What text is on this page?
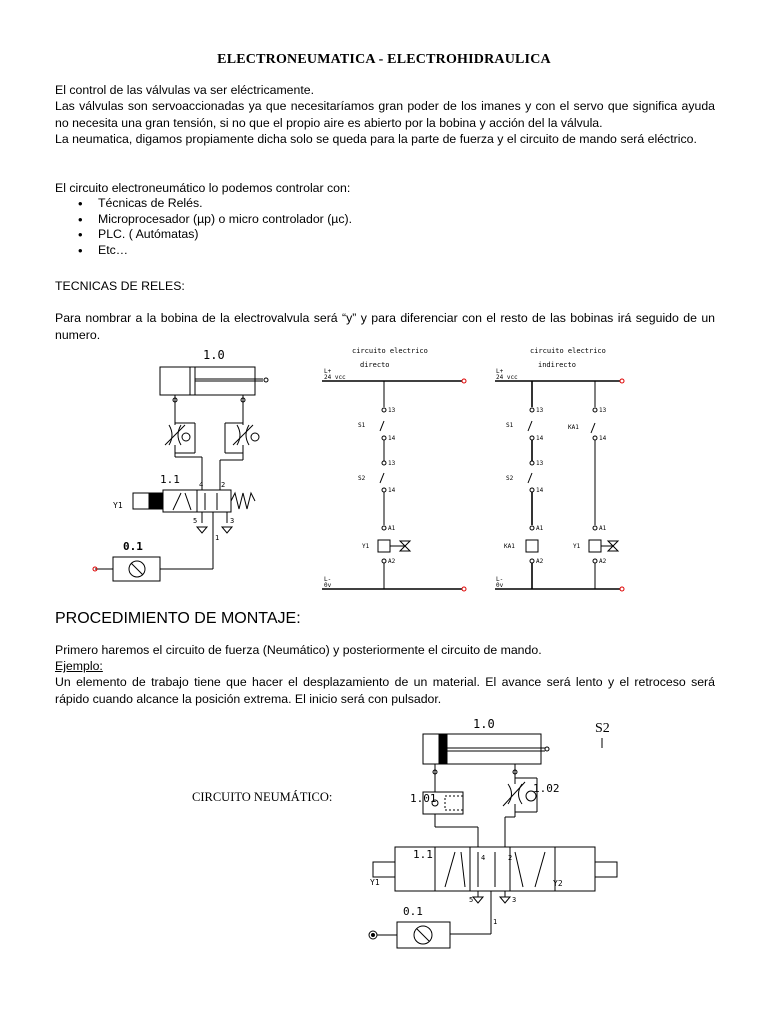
ELECTRONEUMATICA - ELECTROHIDRAULICA
El control de las válvulas va ser eléctricamente.
Las válvulas son servoaccionadas ya que necesitaríamos gran poder de los imanes y con el servo que significa ayuda no necesita una gran tensión, si no que el propio aire es abierto por la bobina y acción del la válvula.
La neumatica, digamos propiamente dicha solo se queda para la parte de fuerza y el circuito de mando será eléctrico.
El circuito electroneumático lo podemos controlar con:
• Técnicas de Relés.
• Microprocesador (µp) o micro controlador (µc).
• PLC. ( Autómatas)
• Etc…
TECNICAS DE RELES:
Para nombrar a la bobina de la electrovalvula será “y” y para diferenciar con el resto de las bobinas irá seguido de un numero.
1.0
1.1
Y1
4	2
5	3
1
0.1
circuito electrico
directo
L+
24 vcc
13
S1
14
13
S2
14
A1
Y1
A2
L-
0v
circuito electrico
indirecto
L+
24 vcc
13
S1
14
13
S2
14
A1
KA1
A2
13
KA1
14
A1
Y1
A2
L-
0v
PROCEDIMIENTO DE MONTAJE:
Primero haremos el circuito de fuerza (Neumático) y posteriormente el circuito de mando.
Ejemplo:
Un elemento de trabajo tiene que hacer el desplazamiento de un material. El avance será lento y el retroceso será rápido cuando alcance la posición extrema. El inicio será con pulsador.
CIRCUITO NEUMÁTICO:
1.0	S2
1.01
1.02
1.1
Y1	Y2
4	2
5	3
1
0.1
